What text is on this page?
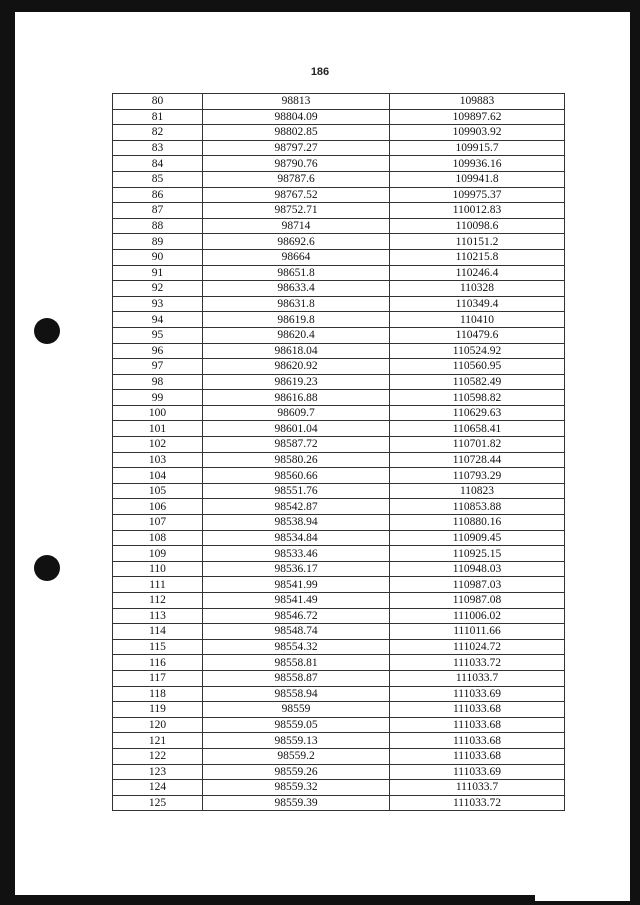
186
80	98813	109883
81	98804.09	109897.62
82	98802.85	109903.92
83	98797.27	109915.7
84	98790.76	109936.16
85	98787.6	109941.8
86	98767.52	109975.37
87	98752.71	110012.83
88	98714	110098.6
89	98692.6	110151.2
90	98664	110215.8
91	98651.8	110246.4
92	98633.4	110328
93	98631.8	110349.4
94	98619.8	110410
95	98620.4	110479.6
96	98618.04	110524.92
97	98620.92	110560.95
98	98619.23	110582.49
99	98616.88	110598.82
100	98609.7	110629.63
101	98601.04	110658.41
102	98587.72	110701.82
103	98580.26	110728.44
104	98560.66	110793.29
105	98551.76	110823
106	98542.87	110853.88
107	98538.94	110880.16
108	98534.84	110909.45
109	98533.46	110925.15
110	98536.17	110948.03
111	98541.99	110987.03
112	98541.49	110987.08
113	98546.72	111006.02
114	98548.74	111011.66
115	98554.32	111024.72
116	98558.81	111033.72
117	98558.87	111033.7
118	98558.94	111033.69
119	98559	111033.68
120	98559.05	111033.68
121	98559.13	111033.68
122	98559.2	111033.68
123	98559.26	111033.69
124	98559.32	111033.7
125	98559.39	111033.72
